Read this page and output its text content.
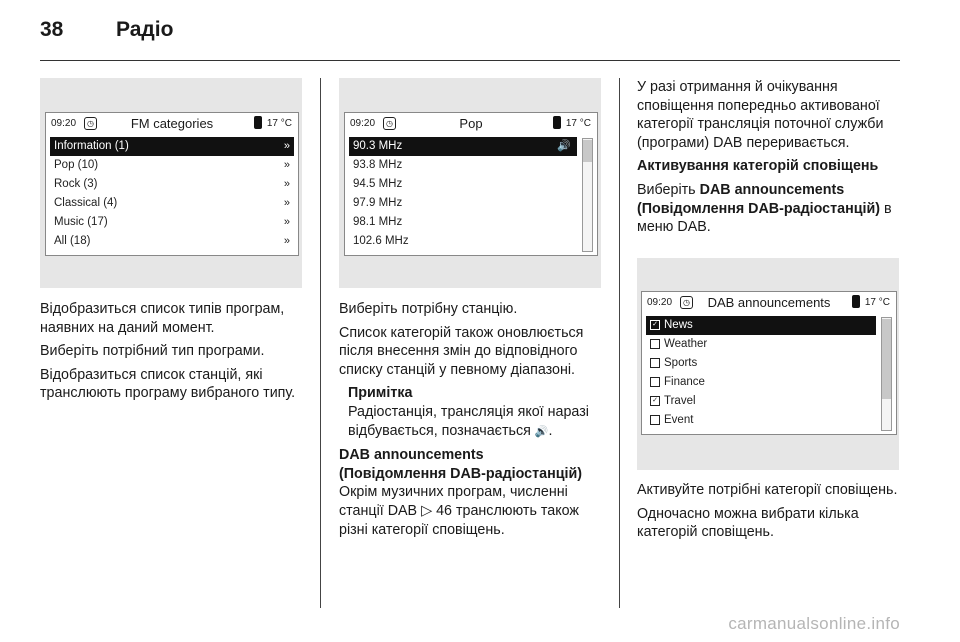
38	Радіо
09:20	◷	FM categories	17 °C
Information (1)	»
Pop (10)	»
Rock (3)	»
Classical (4)	»
Music (17)	»
All (18)	»
09:20	◷	Pop	17 °C
90.3 MHz	🔊
93.8 MHz
94.5 MHz
97.9 MHz
98.1 MHz
102.6 MHz
09:20	◷	DAB announcements	17 °C
✓ News
Weather
Sports
Finance
✓ Travel
Event

Відобразиться список типів програм, наявних на даний момент.

Виберіть потрібний тип програми.

Відобразиться список станцій, які транслюють програму вибраного типу.

Виберіть потрібну станцію.

Список категорій також оновлюється після внесення змін до відповідного списку станцій у певному діапазоні.

Примітка

Радіостанція, трансляція якої наразі відбувається, позначається 🔊.

DAB announcements

(Повідомлення DAB-радіостанцій)

Окрім музичних програм, численні станції DAB ▷ 46 транслюють також різні категорії сповіщень.

У разі отримання й очікування сповіщення попередньо активованої категорії трансляція поточної служби (програми) DAB переривається.

Активування категорій сповіщень

Виберіть DAB announcements (Повідомлення DAB-радіостанцій) в меню DAB.

Активуйте потрібні категорії сповіщень.

Одночасно можна вибрати кілька категорій сповіщень.

carmanualsonline.info
